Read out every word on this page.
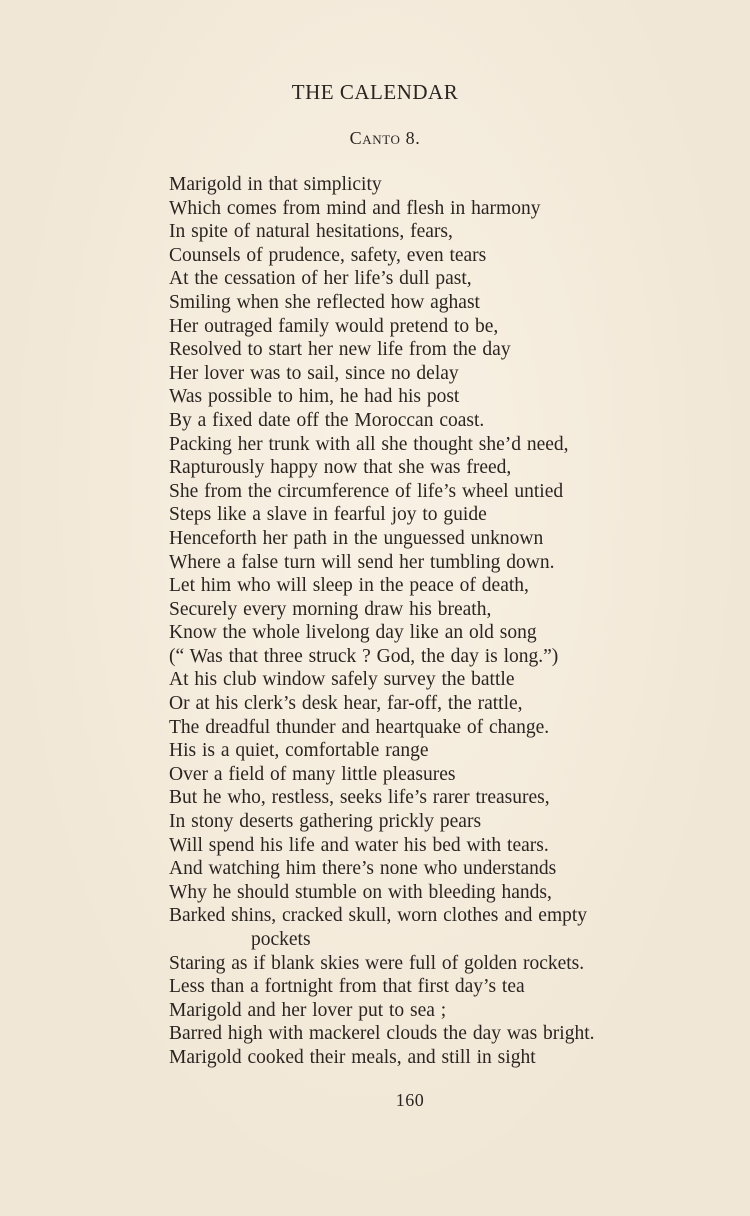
THE CALENDAR
Canto 8.
Marigold in that simplicity
Which comes from mind and flesh in harmony
In spite of natural hesitations, fears,
Counsels of prudence, safety, even tears
At the cessation of her life’s dull past,
Smiling when she reflected how aghast
Her outraged family would pretend to be,
Resolved to start her new life from the day
Her lover was to sail, since no delay
Was possible to him, he had his post
By a fixed date off the Moroccan coast.
Packing her trunk with all she thought she’d need,
Rapturously happy now that she was freed,
She from the circumference of life’s wheel untied
Steps like a slave in fearful joy to guide
Henceforth her path in the unguessed unknown
Where a false turn will send her tumbling down.
Let him who will sleep in the peace of death,
Securely every morning draw his breath,
Know the whole livelong day like an old song
(“ Was that three struck ? God, the day is long.”)
At his club window safely survey the battle
Or at his clerk’s desk hear, far-off, the rattle,
The dreadful thunder and heartquake of change.
His is a quiet, comfortable range
Over a field of many little pleasures
But he who, restless, seeks life’s rarer treasures,
In stony deserts gathering prickly pears
Will spend his life and water his bed with tears.
And watching him there’s none who understands
Why he should stumble on with bleeding hands,
Barked shins, cracked skull, worn clothes and empty
pockets
Staring as if blank skies were full of golden rockets.
Less than a fortnight from that first day’s tea
Marigold and her lover put to sea ;
Barred high with mackerel clouds the day was bright.
Marigold cooked their meals, and still in sight
160
